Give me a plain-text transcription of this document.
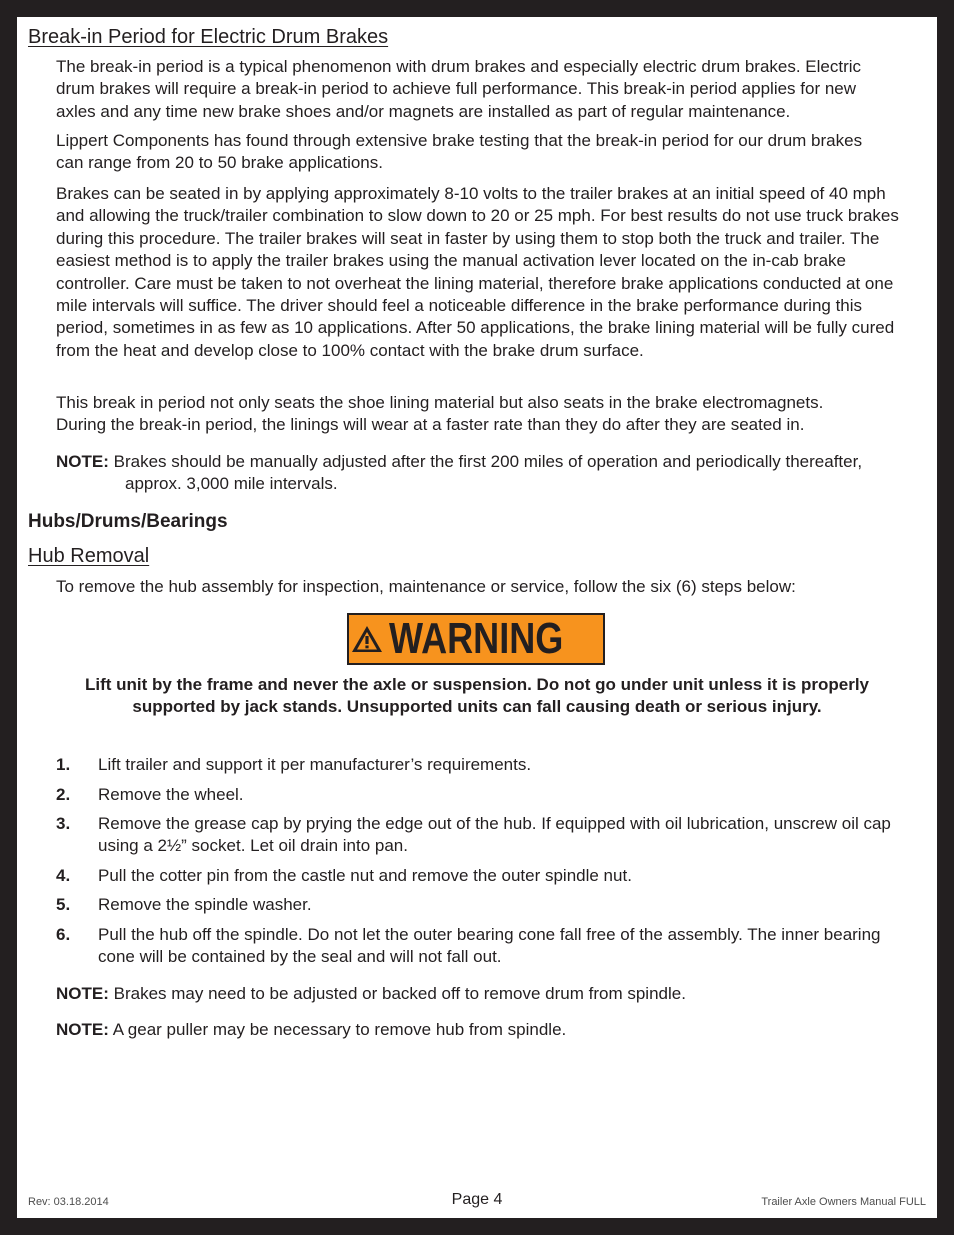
Break-in Period for Electric Drum Brakes

The break-in period is a typical phenomenon with drum brakes and especially electric drum brakes. Electric drum brakes will require a break-in period to achieve full performance. This break-in period applies for new axles and any time new brake shoes and/or magnets are installed as part of regular maintenance.

Lippert Components has found through extensive brake testing that the break-in period for our drum brakes can range from 20 to 50 brake applications.

Brakes can be seated in by applying approximately 8-10 volts to the trailer brakes at an initial speed of 40 mph and allowing the truck/trailer combination to slow down to 20 or 25 mph. For best results do not use truck brakes during this procedure. The trailer brakes will seat in faster by using them to stop both the truck and trailer. The easiest method is to apply the trailer brakes using the manual activation lever located on the in-cab brake controller. Care must be taken to not overheat the lining material, therefore brake applications conducted at one mile intervals will suffice. The driver should feel a noticeable difference in the brake performance during this period, sometimes in as few as 10 applications. After 50 applications, the brake lining material will be fully cured from the heat and develop close to 100% contact with the brake drum surface.

This break in period not only seats the shoe lining material but also seats in the brake electromagnets. During the break-in period, the linings will wear at a faster rate than they do after they are seated in.

NOTE: Brakes should be manually adjusted after the first 200 miles of operation and periodically thereafter,
approx. 3,000 mile intervals.
Hubs/Drums/Bearings
Hub Removal

To remove the hub assembly for inspection, maintenance or service, follow the six (6) steps below:

WARNING
Lift unit by the frame and never the axle or suspension. Do not go under unit unless it is properly
supported by jack stands. Unsupported units can fall causing death or serious injury.
1. Lift trailer and support it per manufacturer’s requirements.
2. Remove the wheel.
3. Remove the grease cap by prying the edge out of the hub. If equipped with oil lubrication, unscrew oil cap using a 2½” socket. Let oil drain into pan.
4. Pull the cotter pin from the castle nut and remove the outer spindle nut.
5. Remove the spindle washer.
6. Pull the hub off the spindle. Do not let the outer bearing cone fall free of the assembly. The inner bearing cone will be contained by the seal and will not fall out.
NOTE: Brakes may need to be adjusted or backed off to remove drum from spindle.
NOTE: A gear puller may be necessary to remove hub from spindle.
Rev: 03.18.2014	Page 4	Trailer Axle Owners Manual FULL
